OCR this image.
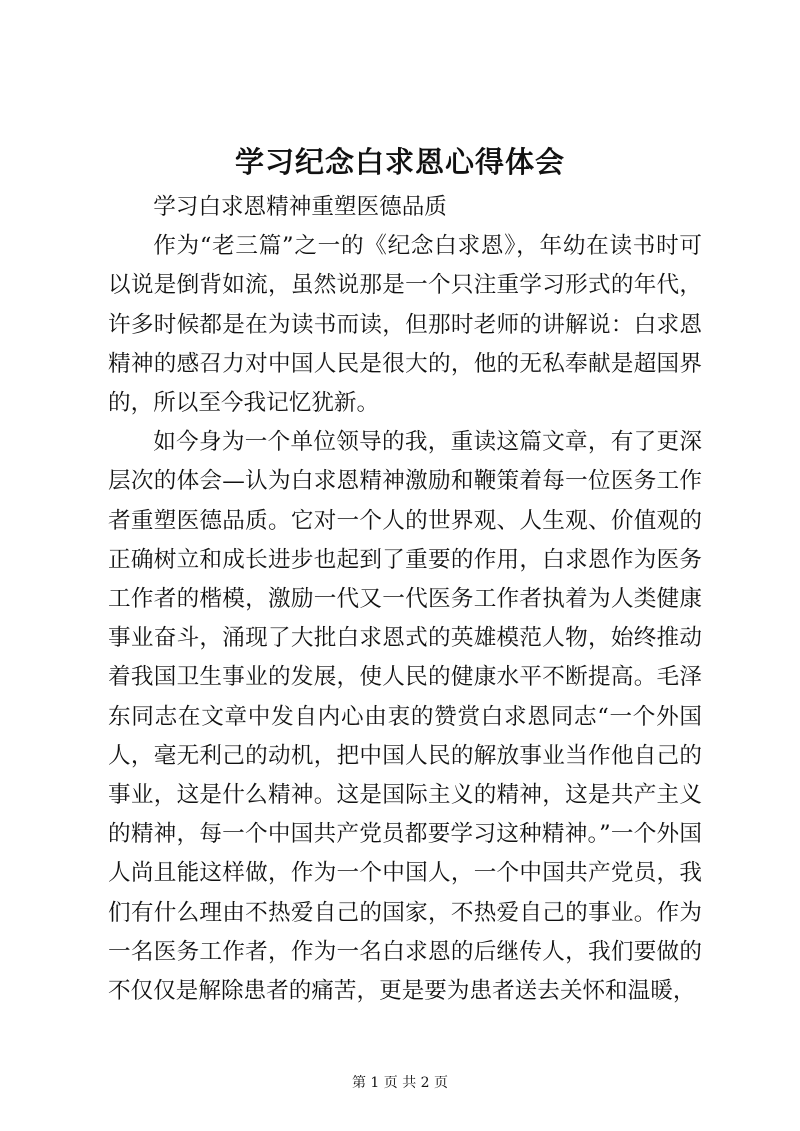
学习纪念白求恩心得体会

学习白求恩精神重塑医德品质

作为“老三篇”之一的《纪念白求恩》，年幼在读书时可以说是倒背如流，虽然说那是一个只注重学习形式的年代，许多时候都是在为读书而读，但那时老师的讲解说：白求恩精神的感召力对中国人民是很大的，他的无私奉献是超国界的，所以至今我记忆犹新。

如今身为一个单位领导的我，重读这篇文章，有了更深层次的体会—认为白求恩精神激励和鞭策着每一位医务工作者重塑医德品质。它对一个人的世界观、人生观、价值观的正确树立和成长进步也起到了重要的作用，白求恩作为医务工作者的楷模，激励一代又一代医务工作者执着为人类健康事业奋斗，涌现了大批白求恩式的英雄模范人物，始终推动着我国卫生事业的发展，使人民的健康水平不断提高。毛泽东同志在文章中发自内心由衷的赞赏白求恩同志“一个外国人，毫无利己的动机，把中国人民的解放事业当作他自己的事业，这是什么精神。这是国际主义的精神，这是共产主义的精神，每一个中国共产党员都要学习这种精神。”一个外国人尚且能这样做，作为一个中国人，一个中国共产党员，我们有什么理由不热爱自己的国家，不热爱自己的事业。作为一名医务工作者，作为一名白求恩的后继传人，我们要做的不仅仅是解除患者的痛苦，更是要为患者送去关怀和温暖，

第 1 页 共 2 页
